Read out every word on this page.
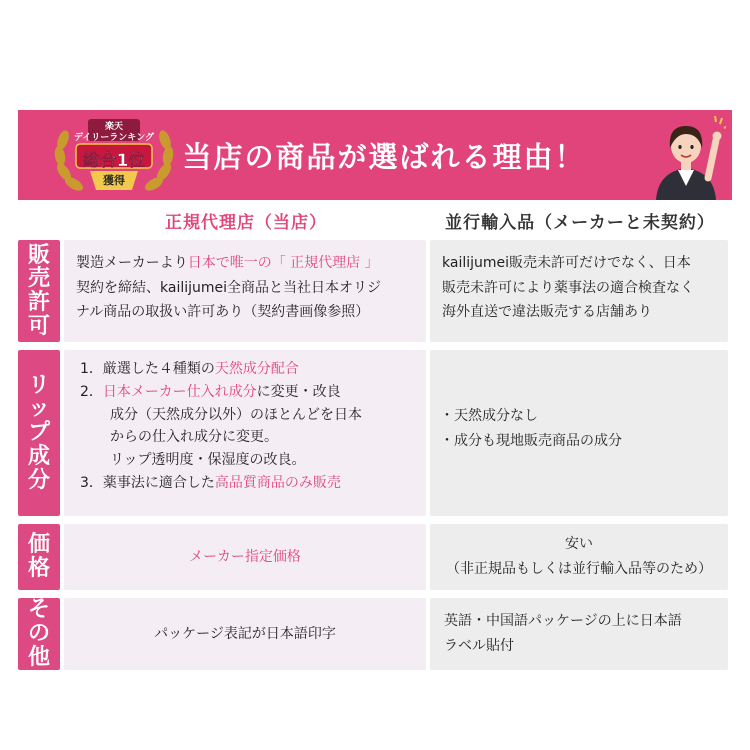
楽天
デイリーランキング
総合1位
獲得
当店の商品が選ばれる理由！
正規代理店（当店）	並行輸入品（メーカーと未契約）
販売許可
製造メーカーより日本で唯一の「 正規代理店 」
契約を締結、kailijumei全商品と当社日本オリジ
ナル商品の取扱い許可あり（契約書画像参照）
kailijumei販売未許可だけでなく、日本
販売未許可により薬事法の適合検査なく
海外直送で違法販売する店舗あり
リップ成分
1．厳選した４種類の天然成分配合
2．日本メーカー仕入れ成分に変更・改良
成分（天然成分以外）のほとんどを日本
からの仕入れ成分に変更。
リップ透明度・保湿度の改良。
3．薬事法に適合した高品質商品のみ販売
・天然成分なし
・成分も現地販売商品の成分
価格	メーカー指定価格
安い
（非正規品もしくは並行輸入品等のため）
その他
パッケージ表記が日本語印字
英語・中国語パッケージの上に日本語
ラベル貼付
